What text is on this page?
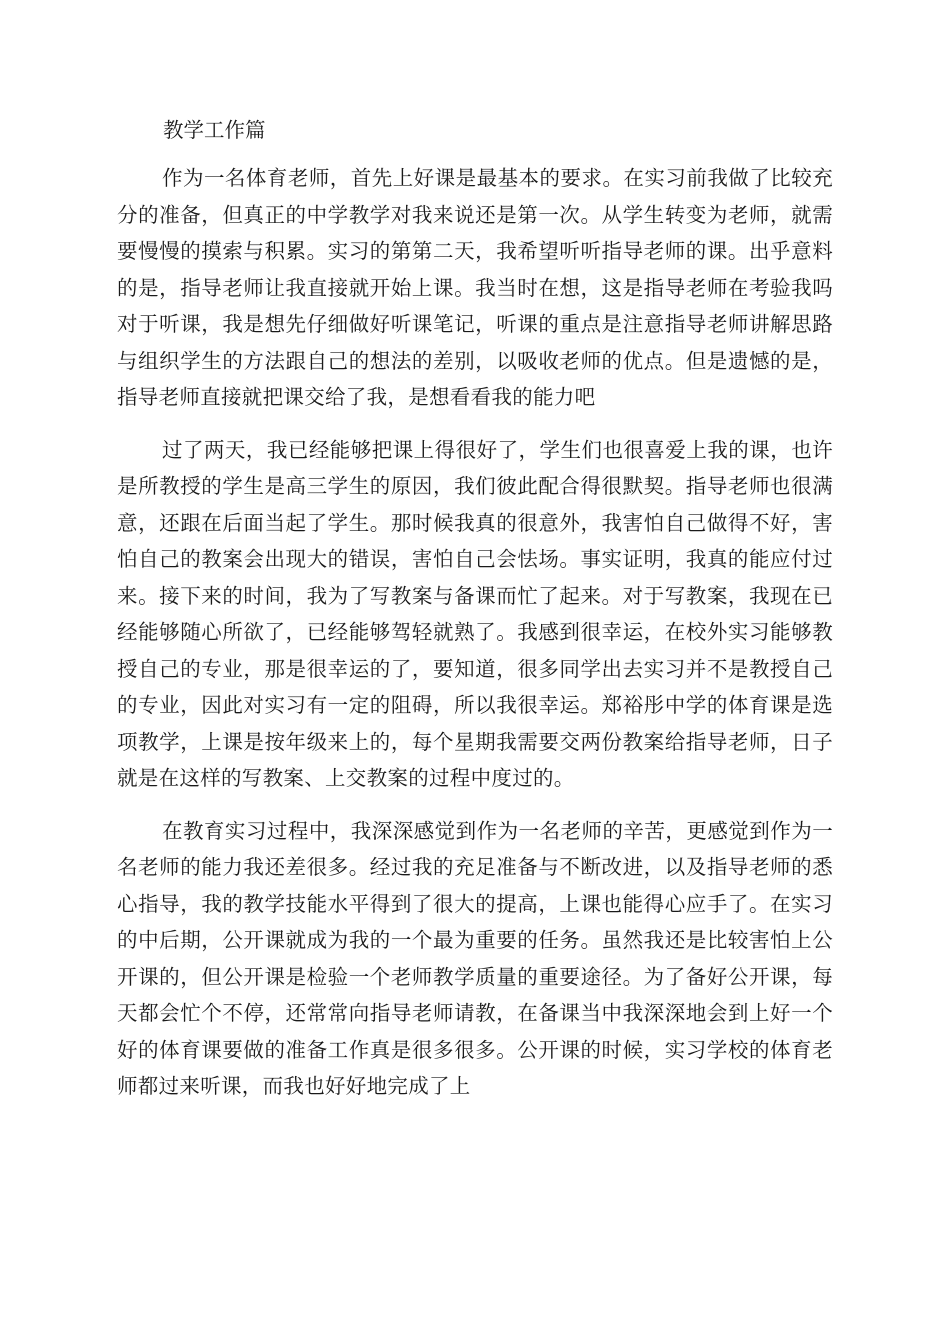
教学工作篇

作为一名体育老师，首先上好课是最基本的要求。在实习前我做了比较充分的准备，但真正的中学教学对我来说还是第一次。从学生转变为老师，就需要慢慢的摸索与积累。实习的第第二天，我希望听听指导老师的课。出乎意料的是，指导老师让我直接就开始上课。我当时在想，这是指导老师在考验我吗对于听课，我是想先仔细做好听课笔记，听课的重点是注意指导老师讲解思路与组织学生的方法跟自己的想法的差别，以吸收老师的优点。但是遗憾的是，指导老师直接就把课交给了我，是想看看我的能力吧

过了两天，我已经能够把课上得很好了，学生们也很喜爱上我的课，也许是所教授的学生是高三学生的原因，我们彼此配合得很默契。指导老师也很满意，还跟在后面当起了学生。那时候我真的很意外，我害怕自己做得不好，害怕自己的教案会出现大的错误，害怕自己会怯场。事实证明，我真的能应付过来。接下来的时间，我为了写教案与备课而忙了起来。对于写教案，我现在已经能够随心所欲了，已经能够驾轻就熟了。我感到很幸运，在校外实习能够教授自己的专业，那是很幸运的了，要知道，很多同学出去实习并不是教授自己的专业，因此对实习有一定的阻碍，所以我很幸运。郑裕彤中学的体育课是选项教学，上课是按年级来上的，每个星期我需要交两份教案给指导老师，日子就是在这样的写教案、上交教案的过程中度过的。

在教育实习过程中，我深深感觉到作为一名老师的辛苦，更感觉到作为一名老师的能力我还差很多。经过我的充足准备与不断改进，以及指导老师的悉心指导，我的教学技能水平得到了很大的提高，上课也能得心应手了。在实习的中后期，公开课就成为我的一个最为重要的任务。虽然我还是比较害怕上公开课的，但公开课是检验一个老师教学质量的重要途径。为了备好公开课，每天都会忙个不停，还常常向指导老师请教，在备课当中我深深地会到上好一个好的体育课要做的准备工作真是很多很多。公开课的时候，实习学校的体育老师都过来听课，而我也好好地完成了上
